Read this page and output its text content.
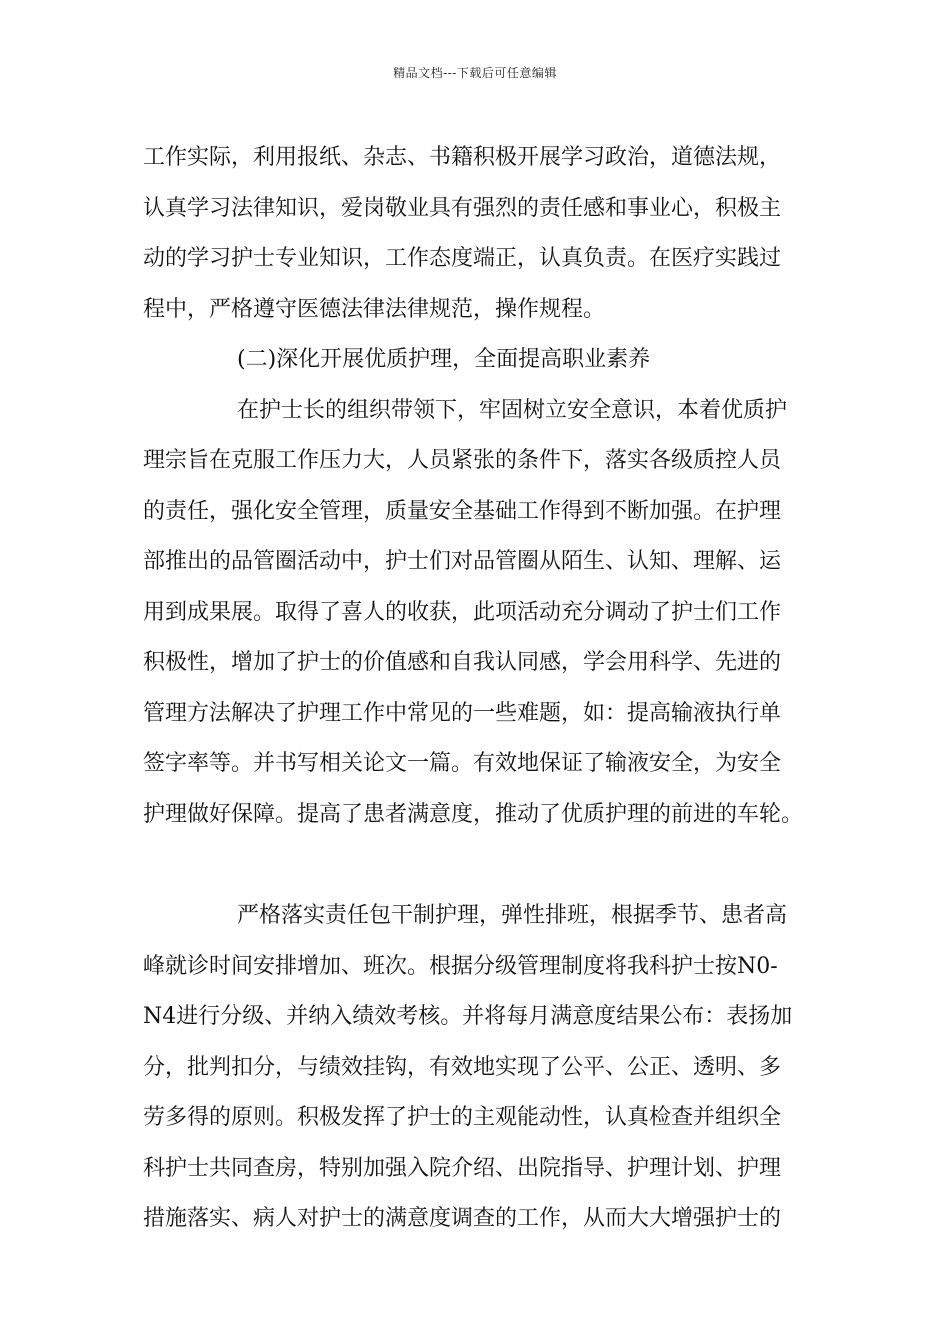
精品文档---下载后可任意编辑
工作实际，利用报纸、杂志、书籍积极开展学习政治，道德法规，
认真学习法律知识，爱岗敬业具有强烈的责任感和事业心，积极主
动的学习护士专业知识，工作态度端正，认真负责。在医疗实践过
程中，严格遵守医德法律法律规范，操作规程。
(二)深化开展优质护理，全面提高职业素养
在护士长的组织带领下，牢固树立安全意识，本着优质护
理宗旨在克服工作压力大，人员紧张的条件下，落实各级质控人员
的责任，强化安全管理，质量安全基础工作得到不断加强。在护理
部推出的品管圈活动中，护士们对品管圈从陌生、认知、理解、运
用到成果展。取得了喜人的收获，此项活动充分调动了护士们工作
积极性，增加了护士的价值感和自我认同感，学会用科学、先进的
管理方法解决了护理工作中常见的一些难题，如：提高输液执行单
签字率等。并书写相关论文一篇。有效地保证了输液安全，为安全
护理做好保障。提高了患者满意度，推动了优质护理的前进的车轮。
严格落实责任包干制护理，弹性排班，根据季节、患者高
峰就诊时间安排增加、班次。根据分级管理制度将我科护士按N0-
N4进行分级、并纳入绩效考核。并将每月满意度结果公布：表扬加
分，批判扣分，与绩效挂钩，有效地实现了公平、公正、透明、多
劳多得的原则。积极发挥了护士的主观能动性，认真检查并组织全
科护士共同查房，特别加强入院介绍、出院指导、护理计划、护理
措施落实、病人对护士的满意度调查的工作，从而大大增强护士的
